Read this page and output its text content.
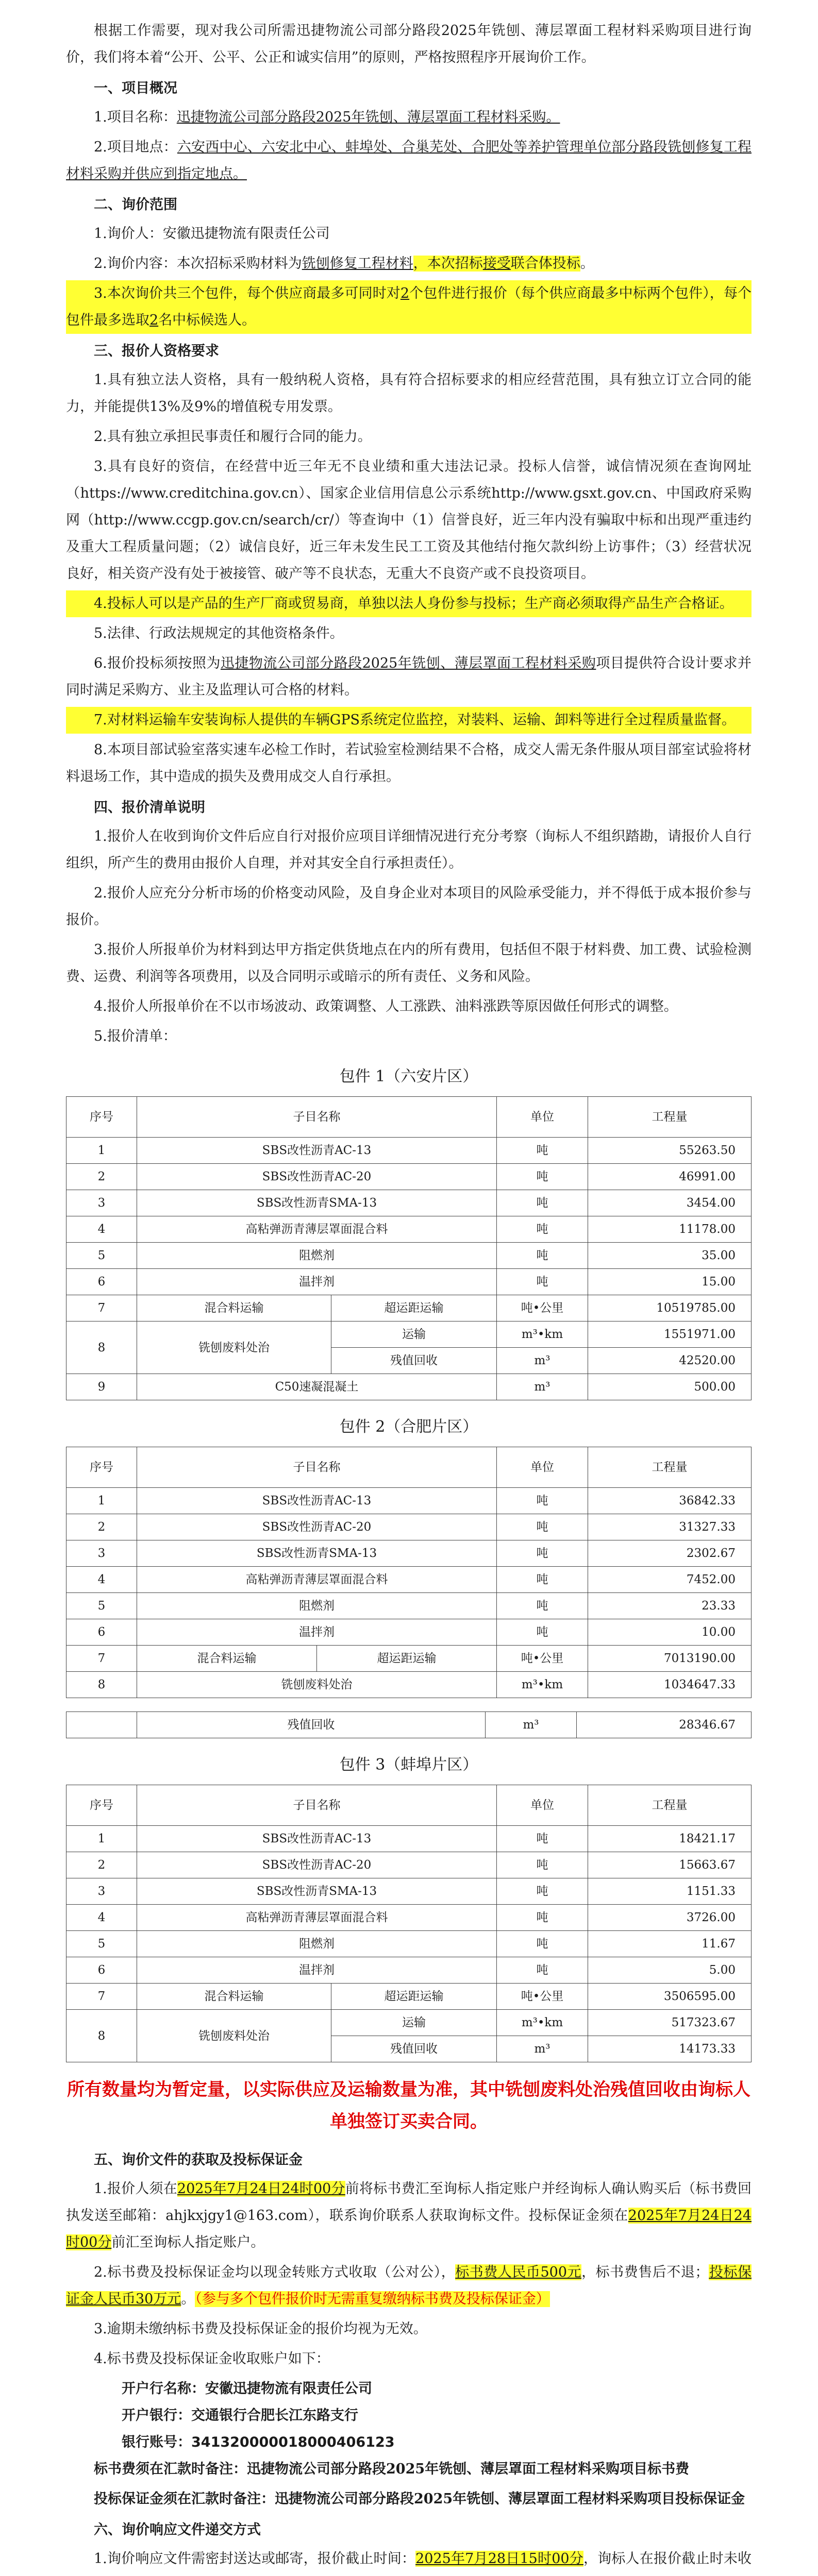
根据工作需要，现对我公司所需迅捷物流公司部分路段2025年铣刨、薄层罩面工程材料采购项目进行询价，我们将本着“公开、公平、公正和诚实信用”的原则，严格按照程序开展询价工作。

一、项目概况

1.项目名称：迅捷物流公司部分路段2025年铣刨、薄层罩面工程材料采购。

2.项目地点：六安西中心、六安北中心、蚌埠处、合巢芜处、合肥处等养护管理单位部分路段铣刨修复工程材料采购并供应到指定地点。

二、询价范围

1.询价人：安徽迅捷物流有限责任公司

2.询价内容：本次招标采购材料为铣刨修复工程材料，本次招标接受联合体投标。

3.本次询价共三个包件，每个供应商最多可同时对2个包件进行报价（每个供应商最多中标两个包件），每个包件最多选取2名中标候选人。

三、报价人资格要求

1.具有独立法人资格，具有一般纳税人资格，具有符合招标要求的相应经营范围，具有独立订立合同的能力，并能提供13%及9%的增值税专用发票。

2.具有独立承担民事责任和履行合同的能力。

3.具有良好的资信，在经营中近三年无不良业绩和重大违法记录。投标人信誉，诚信情况须在查询网址（https://www.creditchina.gov.cn）、国家企业信用信息公示系统http://www.gsxt.gov.cn、中国政府采购网（http://www.ccgp.gov.cn/search/cr/）等查询中（1）信誉良好，近三年内没有骗取中标和出现严重违约及重大工程质量问题；（2）诚信良好，近三年未发生民工工资及其他结付拖欠款纠纷上访事件；（3）经营状况良好，相关资产没有处于被接管、破产等不良状态，无重大不良资产或不良投资项目。

4.投标人可以是产品的生产厂商或贸易商，单独以法人身份参与投标；生产商必须取得产品生产合格证。

5.法律、行政法规规定的其他资格条件。

6.报价投标须按照为迅捷物流公司部分路段2025年铣刨、薄层罩面工程材料采购项目提供符合设计要求并同时满足采购方、业主及监理认可合格的材料。

7.对材料运输车安装询标人提供的车辆GPS系统定位监控，对装料、运输、卸料等进行全过程质量监督。

8.本项目部试验室落实速车必检工作时，若试验室检测结果不合格，成交人需无条件服从项目部室试验将材料退场工作，其中造成的损失及费用成交人自行承担。

四、报价清单说明

1.报价人在收到询价文件后应自行对报价应项目详细情况进行充分考察（询标人不组织踏勘，请报价人自行组织，所产生的费用由报价人自理，并对其安全自行承担责任）。

2.报价人应充分分析市场的价格变动风险，及自身企业对本项目的风险承受能力，并不得低于成本报价参与报价。

3.报价人所报单价为材料到达甲方指定供货地点在内的所有费用，包括但不限于材料费、加工费、试验检测费、运费、利润等各项费用，以及合同明示或暗示的所有责任、义务和风险。

4.报价人所报单价在不以市场波动、政策调整、人工涨跌、油料涨跌等原因做任何形式的调整。

5.报价清单：

包件 1（六安片区）
序号	子目名称		单位	工程量
1	SBS改性沥青AC-13		吨	55263.50
2	SBS改性沥青AC-20		吨	46991.00
3	SBS改性沥青SMA-13		吨	3454.00
4	高粘弹沥青薄层罩面混合料		吨	11178.00
5	阻燃剂		吨	35.00
6	温拌剂		吨	15.00
7	混合料运输	超运距运输	吨•公里	10519785.00
8	铣刨废料处治	运输	m³•km	1551971.00
		残值回收	m³	42520.00
9	C50速凝混凝土		m³	500.00
包件 2（合肥片区）
序号	子目名称		单位	工程量
1	SBS改性沥青AC-13		吨	36842.33
2	SBS改性沥青AC-20		吨	31327.33
3	SBS改性沥青SMA-13		吨	2302.67
4	高粘弹沥青薄层罩面混合料		吨	7452.00
5	阻燃剂		吨	23.33
6	温拌剂		吨	10.00
7	混合料运输	超运距运输	吨•公里	7013190.00
8	铣刨废料处治		m³•km	1034647.33
	残值回收	m³	28346.67
包件 3（蚌埠片区）
序号	子目名称		单位	工程量
1	SBS改性沥青AC-13		吨	18421.17
2	SBS改性沥青AC-20		吨	15663.67
3	SBS改性沥青SMA-13		吨	1151.33
4	高粘弹沥青薄层罩面混合料		吨	3726.00
5	阻燃剂		吨	11.67
6	温拌剂		吨	5.00
7	混合料运输	超运距运输	吨•公里	3506595.00
8	铣刨废料处治	运输	m³•km	517323.67
		残值回收	m³	14173.33
所有数量均为暂定量，以实际供应及运输数量为准，其中铣刨废料处治残值回收由询标人单独签订买卖合同。

五、询价文件的获取及投标保证金

1.报价人须在2025年7月24日24时00分前将标书费汇至询标人指定账户并经询标人确认购买后（标书费回执发送至邮箱：ahjkxjgy1@163.com），联系询价联系人获取询标文件。投标保证金须在2025年7月24日24时00分前汇至询标人指定账户。

2.标书费及投标保证金均以现金转账方式收取（公对公），标书费人民币500元，标书费售后不退；投标保证金人民币30万元。（参与多个包件报价时无需重复缴纳标书费及投标保证金）

3.逾期未缴纳标书费及投标保证金的报价均视为无效。

4.标书费及投标保证金收取账户如下：

开户行名称：安徽迅捷物流有限责任公司

开户银行：交通银行合肥长江东路支行

银行账号：341320000018000406123

标书费须在汇款时备注：迅捷物流公司部分路段2025年铣刨、薄层罩面工程材料采购项目标书费

投标保证金须在汇款时备注：迅捷物流公司部分路段2025年铣刨、薄层罩面工程材料采购项目投标保证金

六、询价响应文件递交方式

1.询价响应文件需密封送达或邮寄，报价截止时间：2025年7月28日15时00分，询标人在报价截止时未收
